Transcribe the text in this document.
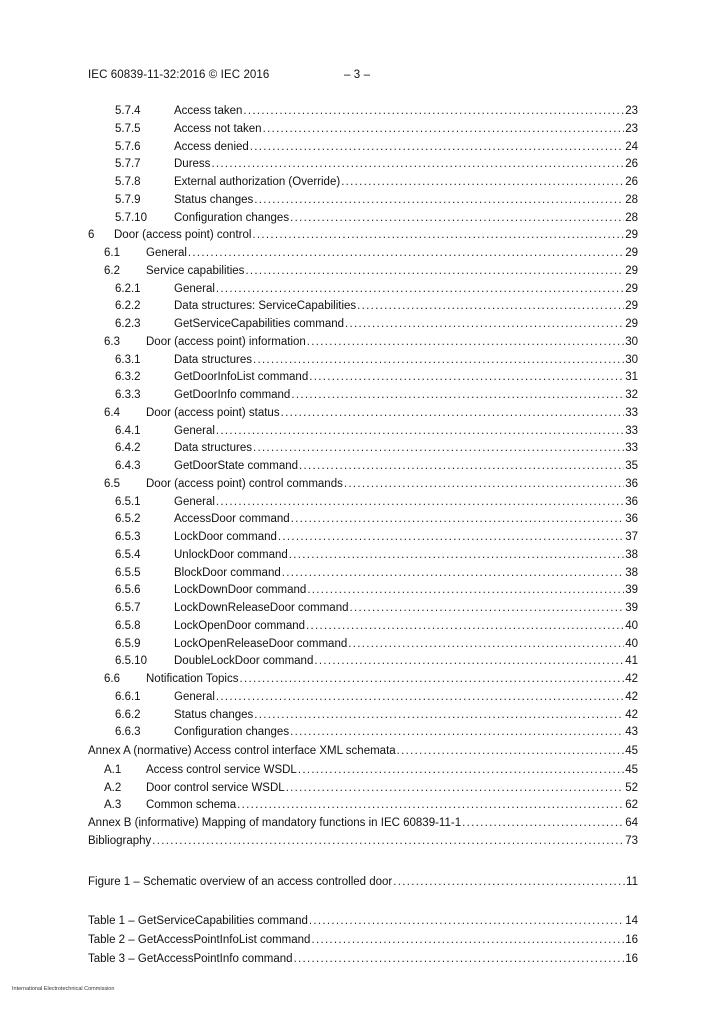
IEC 60839-11-32:2016 © IEC 2016	– 3 –
5.7.4	Access taken .....	23
5.7.5	Access not taken .....	23
5.7.6	Access denied .....	24
5.7.7	Duress .....	26
5.7.8	External authorization (Override) .....	26
5.7.9	Status changes .....	28
5.7.10 Configuration changes .....	28
6 Door (access point) control .....	29
6.1 General .....	29
6.2 Service capabilities .....	29
6.2.1	General .....	29
6.2.2	Data structures: ServiceCapabilities .....	29
6.2.3	GetServiceCapabilities command .....	29
6.3 Door (access point) information .....	30
6.3.1	Data structures .....	30
6.3.2	GetDoorInfoList command .....	31
6.3.3	GetDoorInfo command .....	32
6.4 Door (access point) status .....	33
6.4.1	General .....	33
6.4.2	Data structures .....	33
6.4.3	GetDoorState command .....	35
6.5 Door (access point) control commands .....	36
6.5.1	General .....	36
6.5.2	AccessDoor command .....	36
6.5.3	LockDoor command .....	37
6.5.4	UnlockDoor command .....	38
6.5.5	BlockDoor command .....	38
6.5.6	LockDownDoor command .....	39
6.5.7	LockDownReleaseDoor command .....	39
6.5.8	LockOpenDoor command .....	40
6.5.9	LockOpenReleaseDoor command .....	40
6.5.10 DoubleLockDoor command .....	41
6.6 Notification Topics .....	42
6.6.1	General .....	42
6.6.2	Status changes .....	42
6.6.3	Configuration changes .....	43
Annex A (normative) Access control interface XML schemata .....	45
A.1 Access control service WSDL .....	45
A.2 Door control service WSDL .....	52
A.3 Common schema .....	62
Annex B (informative) Mapping of mandatory functions in IEC 60839-11-1 .....	64
Bibliography .....	73
Figure 1 – Schematic overview of an access controlled door .....	11
Table 1 – GetServiceCapabilities command .....	14
Table 2 – GetAccessPointInfoList command .....	16
Table 3 – GetAccessPointInfo command .....	16
International Electrotechnical Commission
